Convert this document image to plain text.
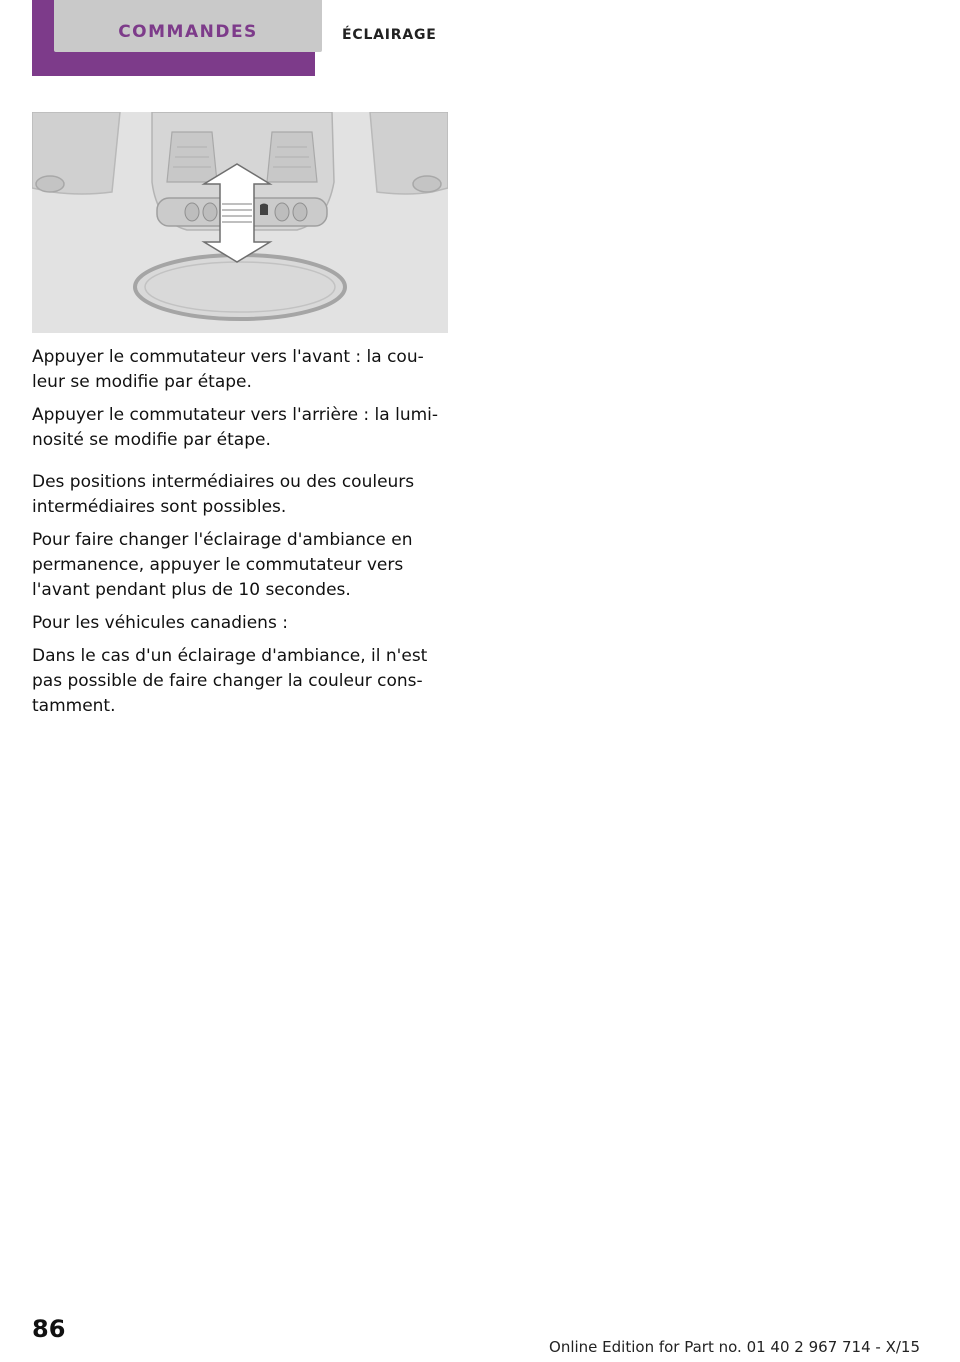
COMMANDES	ÉCLAIRAGE

Appuyer le commutateur vers l'avant : la cou‐ leur se modifie par étape.

Appuyer le commutateur vers l'arrière : la lumi‐ nosité se modifie par étape.

Des positions intermédiaires ou des couleurs intermédiaires sont possibles.

Pour faire changer l'éclairage d'ambiance en permanence, appuyer le commutateur vers l'avant pendant plus de 10 secondes.

Pour les véhicules canadiens :

Dans le cas d'un éclairage d'ambiance, il n'est pas possible de faire changer la couleur cons‐ tamment.

86
Online Edition for Part no. 01 40 2 967 714 - X/15
